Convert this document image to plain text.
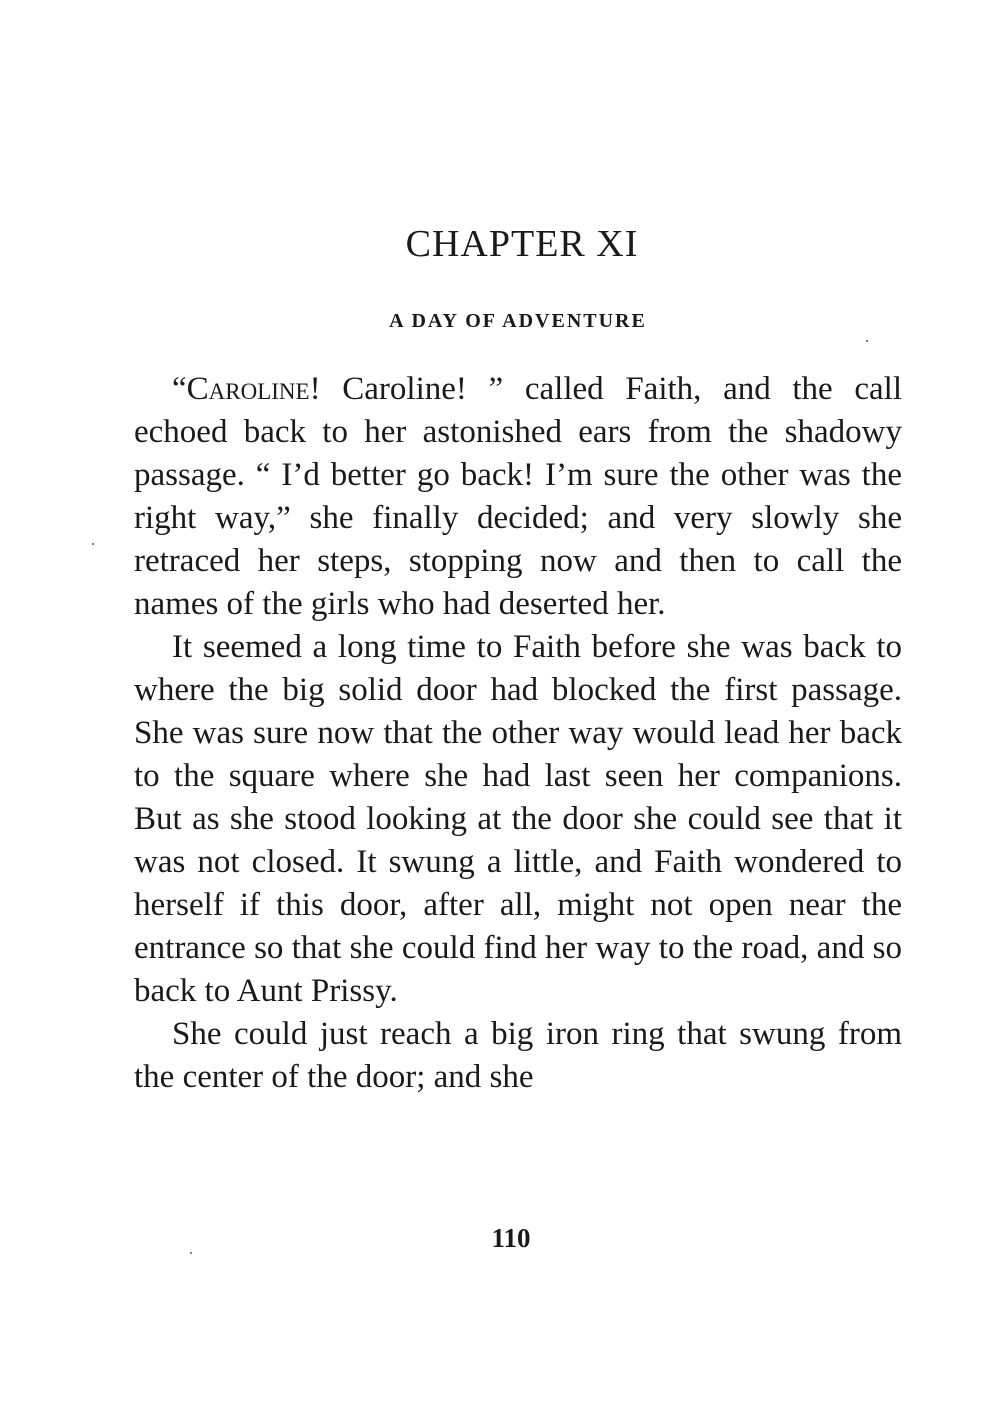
CHAPTER XI
A DAY OF ADVENTURE

“Caroline! Caroline! ” called Faith, and the call echoed back to her astonished ears from the shadowy passage. “ I’d better go back! I’m sure the other was the right way,” she finally decided; and very slowly she retraced her steps, stopping now and then to call the names of the girls who had deserted her.

It seemed a long time to Faith before she was back to where the big solid door had blocked the first passage. She was sure now that the other way would lead her back to the square where she had last seen her companions. But as she stood looking at the door she could see that it was not closed. It swung a little, and Faith wondered to herself if this door, after all, might not open near the entrance so that she could find her way to the road, and so back to Aunt Prissy.

She could just reach a big iron ring that swung from the center of the door; and she

110
